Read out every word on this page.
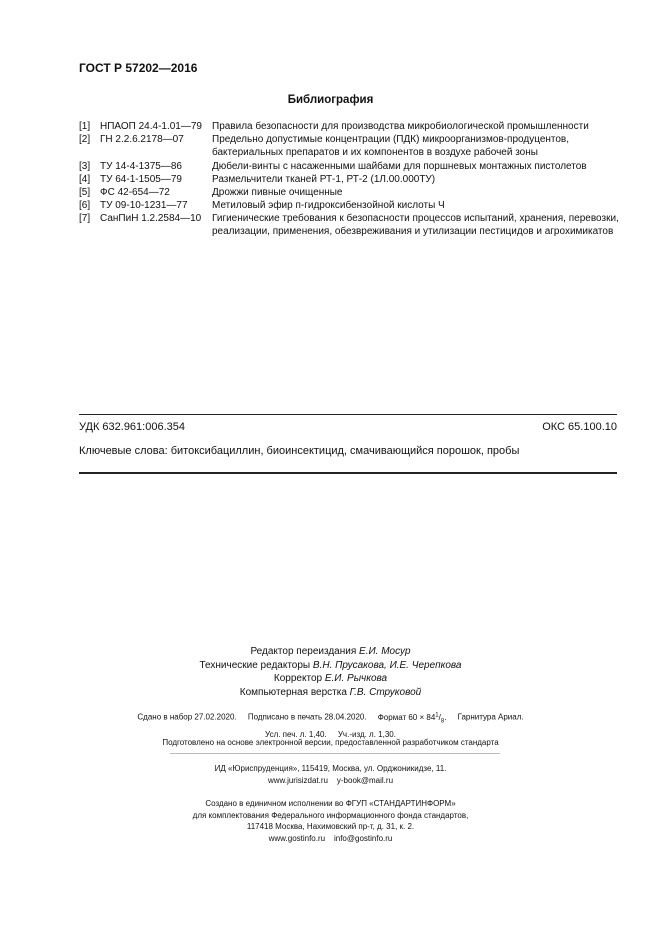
ГОСТ Р 57202—2016
Библиография
[1] НПАОП 24.4-1.01—79 Правила безопасности для производства микробиологической промышленности
[2] ГН 2.2.6.2178—07	Предельно допустимые концентрации (ПДК) микроорганизмов-продуцентов, бактериальных препаратов и их компонентов в воздухе рабочей зоны
[3] ТУ 14-4-1375—86	Дюбели-винты с насаженными шайбами для поршневых монтажных пистолетов
[4] ТУ 64-1-1505—79	Размельчители тканей РТ-1, РТ-2 (1Л.00.000ТУ)
[5] ФС 42-654—72	Дрожжи пивные очищенные
[6] ТУ 09-10-1231—77 Метиловый эфир п-гидроксибензойной кислоты Ч
[7] СанПиН 1.2.2584—10 Гигиенические требования к безопасности процессов испытаний, хранения, перевозки, реализации, применения, обезвреживания и утилизации пестицидов и агрохимикатов
УДК 632.961:006.354	ОКС 65.100.10
Ключевые слова: битоксибациллин, биоинсектицид, смачивающийся порошок, пробы
Редактор переиздания Е.И. Мосур
Технические редакторы В.Н. Прусакова, И.Е. Черепкова
Корректор Е.И. Рычкова
Компьютерная верстка Г.В. Струковой
Сдано в набор 27.02.2020. Подписано в печать 28.04.2020. Формат $60 \times 84^1/_8$. Гарнитура Ариал.
Усл. печ. л. 1,40. Уч.-изд. л. 1,30.
Подготовлено на основе электронной версии, предоставленной разработчиком стандарта
ИД «Юриспруденция», 115419, Москва, ул. Орджоникидзе, 11.
www.jurisizdat.ru y-book@mail.ru
Создано в единичном исполнении во ФГУП «СТАНДАРТИНФОРМ»
для комплектования Федерального информационного фонда стандартов,
117418 Москва, Нахимовский пр-т, д. 31, к. 2.
www.gostinfo.ru info@gostinfo.ru
